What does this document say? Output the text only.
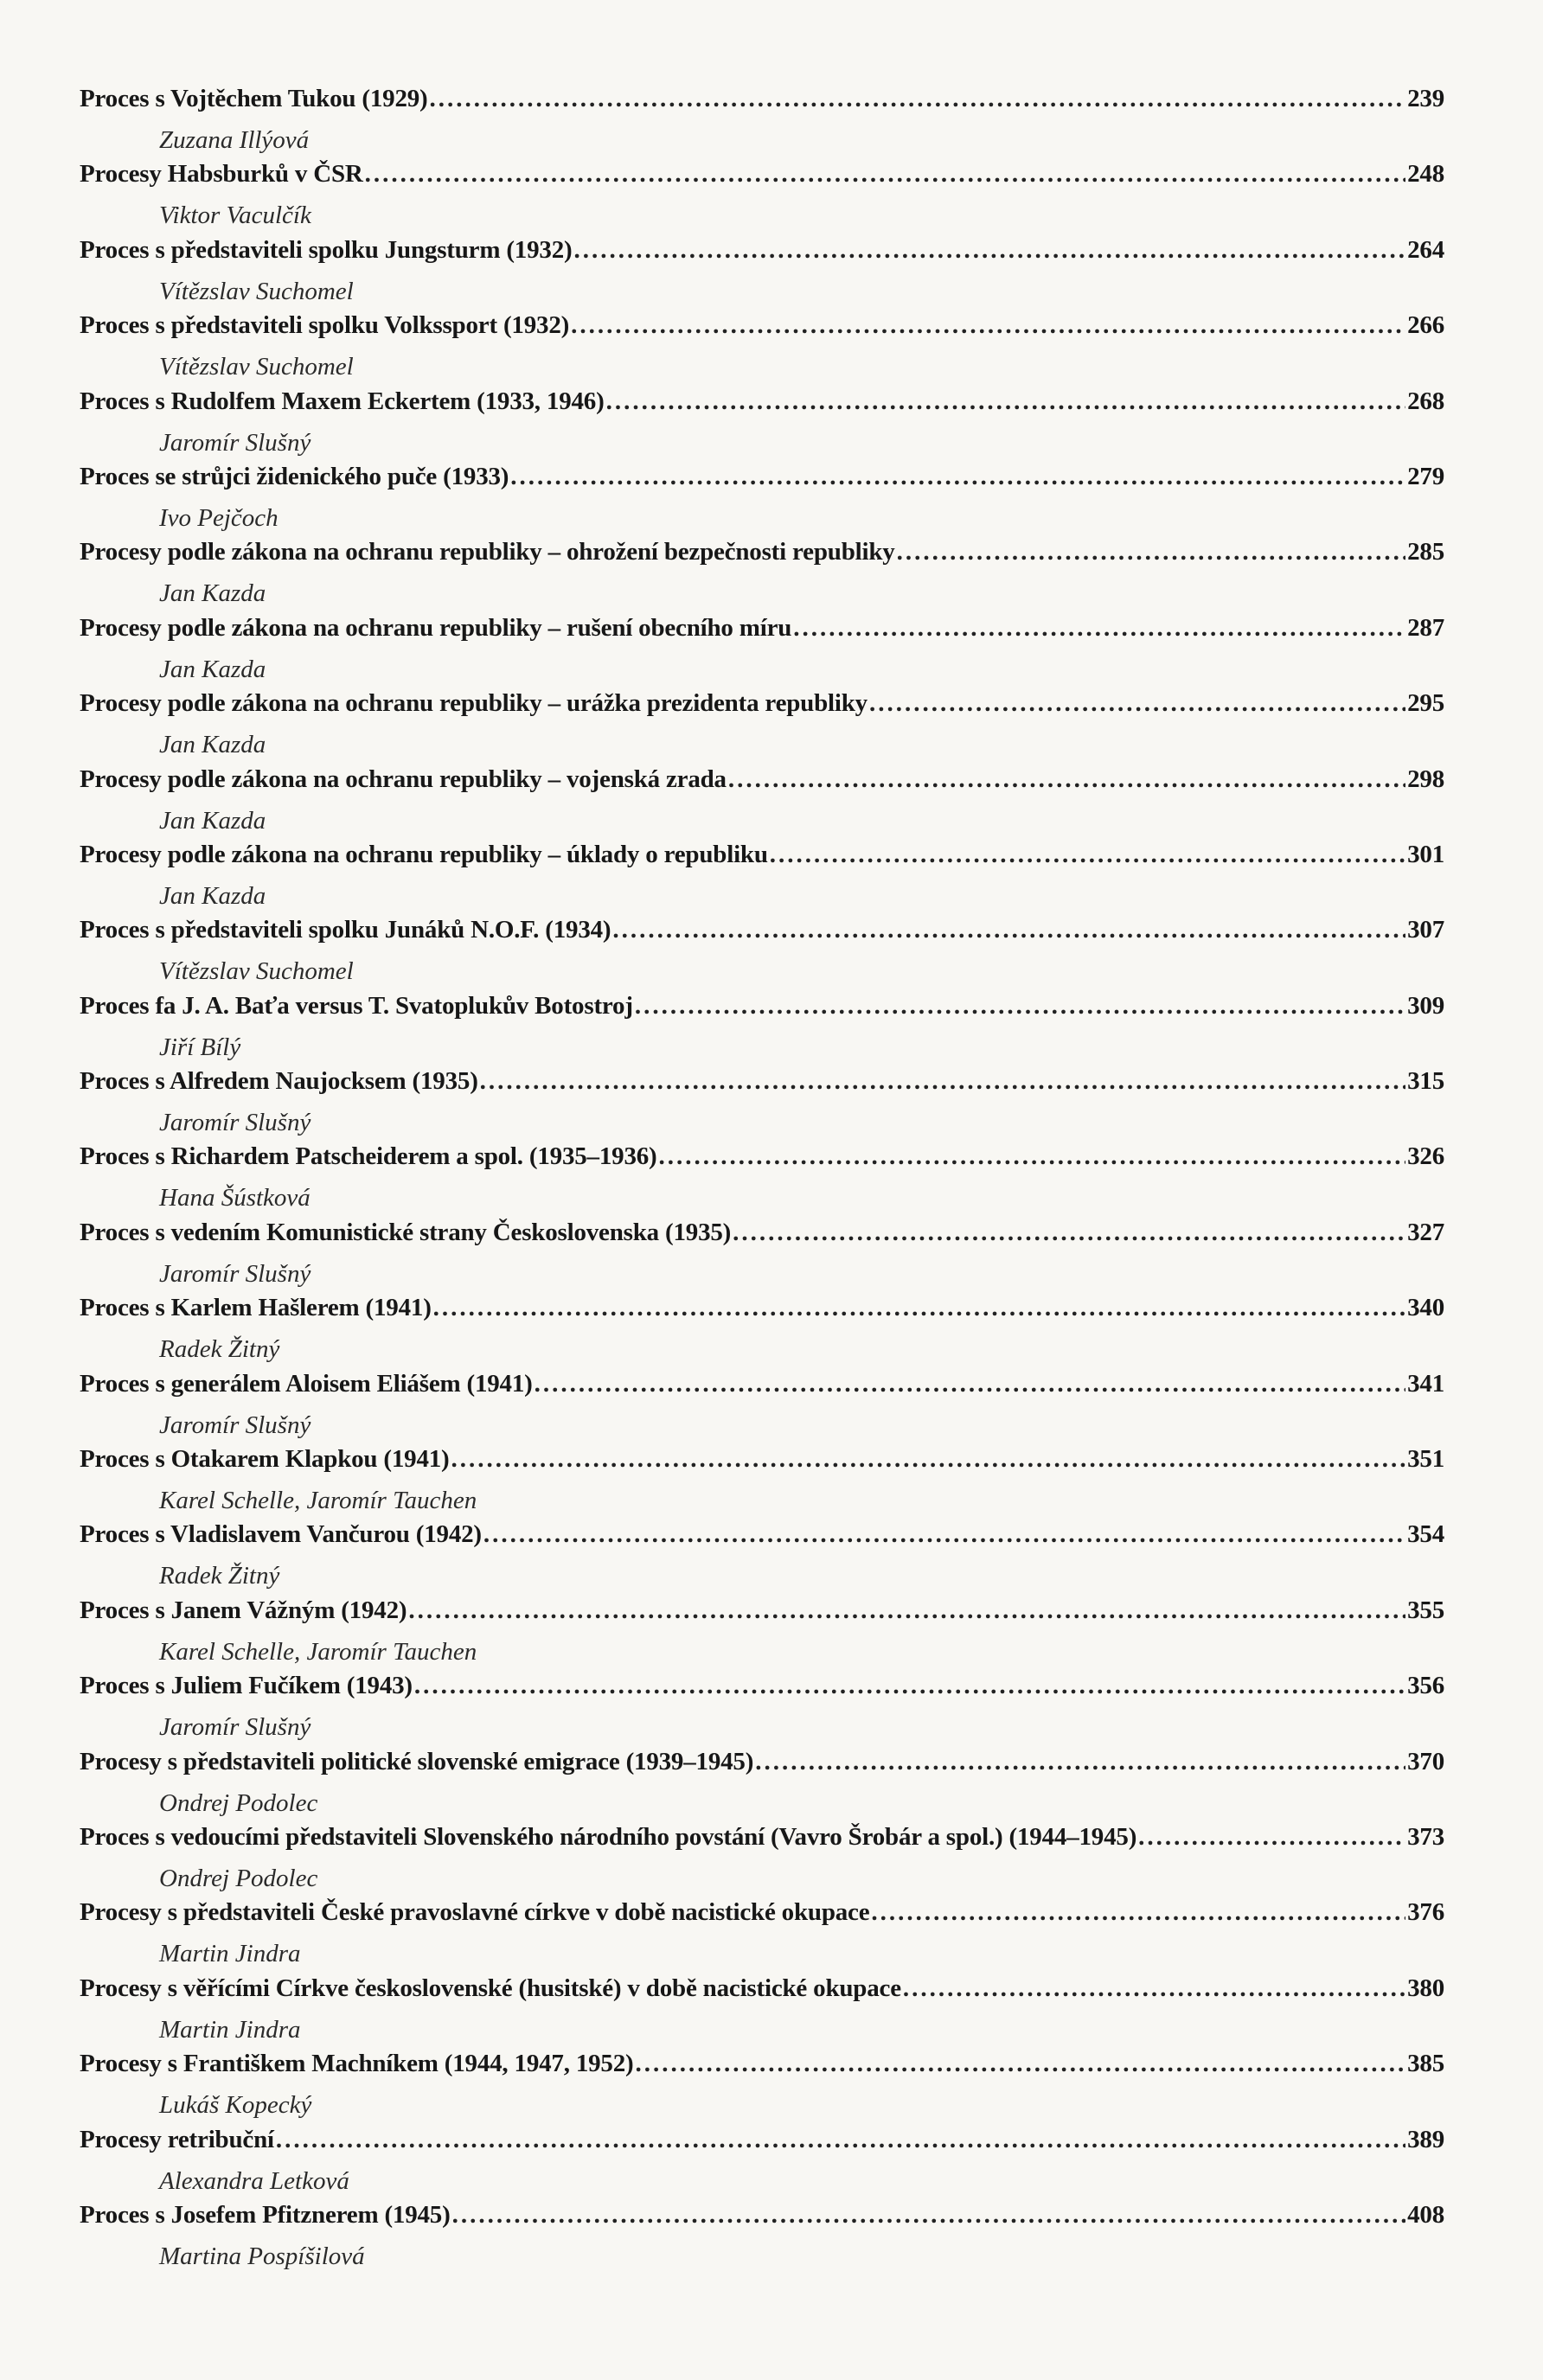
Proces s Vojtěchem Tukou (1929) .....	239
Zuzana Illýová
Procesy Habsburků v ČSR .....	248
Viktor Vaculčík
Proces s představiteli spolku Jungsturm (1932) .....	264
Vítězslav Suchomel
Proces s představiteli spolku Volkssport (1932) .....	266
Vítězslav Suchomel
Proces s Rudolfem Maxem Eckertem (1933, 1946) .....	268
Jaromír Slušný
Proces se strůjci židenického puče (1933) .....	279
Ivo Pejčoch
Procesy podle zákona na ochranu republiky – ohrožení bezpečnosti republiky .....	285
Jan Kazda
Procesy podle zákona na ochranu republiky – rušení obecního míru .....	287
Jan Kazda
Procesy podle zákona na ochranu republiky – urážka prezidenta republiky .....	295
Jan Kazda
Procesy podle zákona na ochranu republiky – vojenská zrada .....	298
Jan Kazda
Procesy podle zákona na ochranu republiky – úklady o republiku .....	301
Jan Kazda
Proces s představiteli spolku Junáků N.O.F. (1934) .....	307
Vítězslav Suchomel
Proces fa J. A. Baťa versus T. Svatoplukův Botostroj .....	309
Jiří Bílý
Proces s Alfredem Naujocksem (1935) .....	315
Jaromír Slušný
Proces s Richardem Patscheiderem a spol. (1935–1936) .....	326
Hana Šústková
Proces s vedením Komunistické strany Československa (1935) .....	327
Jaromír Slušný
Proces s Karlem Hašlerem (1941) .....	340
Radek Žitný
Proces s generálem Aloisem Eliášem (1941) .....	341
Jaromír Slušný
Proces s Otakarem Klapkou (1941) .....	351
Karel Schelle, Jaromír Tauchen
Proces s Vladislavem Vančurou (1942) .....	354
Radek Žitný
Proces s Janem Vážným (1942) .....	355
Karel Schelle, Jaromír Tauchen
Proces s Juliem Fučíkem (1943) .....	356
Jaromír Slušný
Procesy s představiteli politické slovenské emigrace (1939–1945) .....	370
Ondrej Podolec
Proces s vedoucími představiteli Slovenského národního povstání (Vavro Šrobár a spol.) (1944–1945) .....	373
Ondrej Podolec
Procesy s představiteli České pravoslavné církve v době nacistické okupace .....	376
Martin Jindra
Procesy s věřícími Církve československé (husitské) v době nacistické okupace .....	380
Martin Jindra
Procesy s Františkem Machníkem (1944, 1947, 1952) .....	385
Lukáš Kopecký
Procesy retribuční .....	389
Alexandra Letková
Proces s Josefem Pfitznerem (1945) .....	408
Martina Pospíšilová
